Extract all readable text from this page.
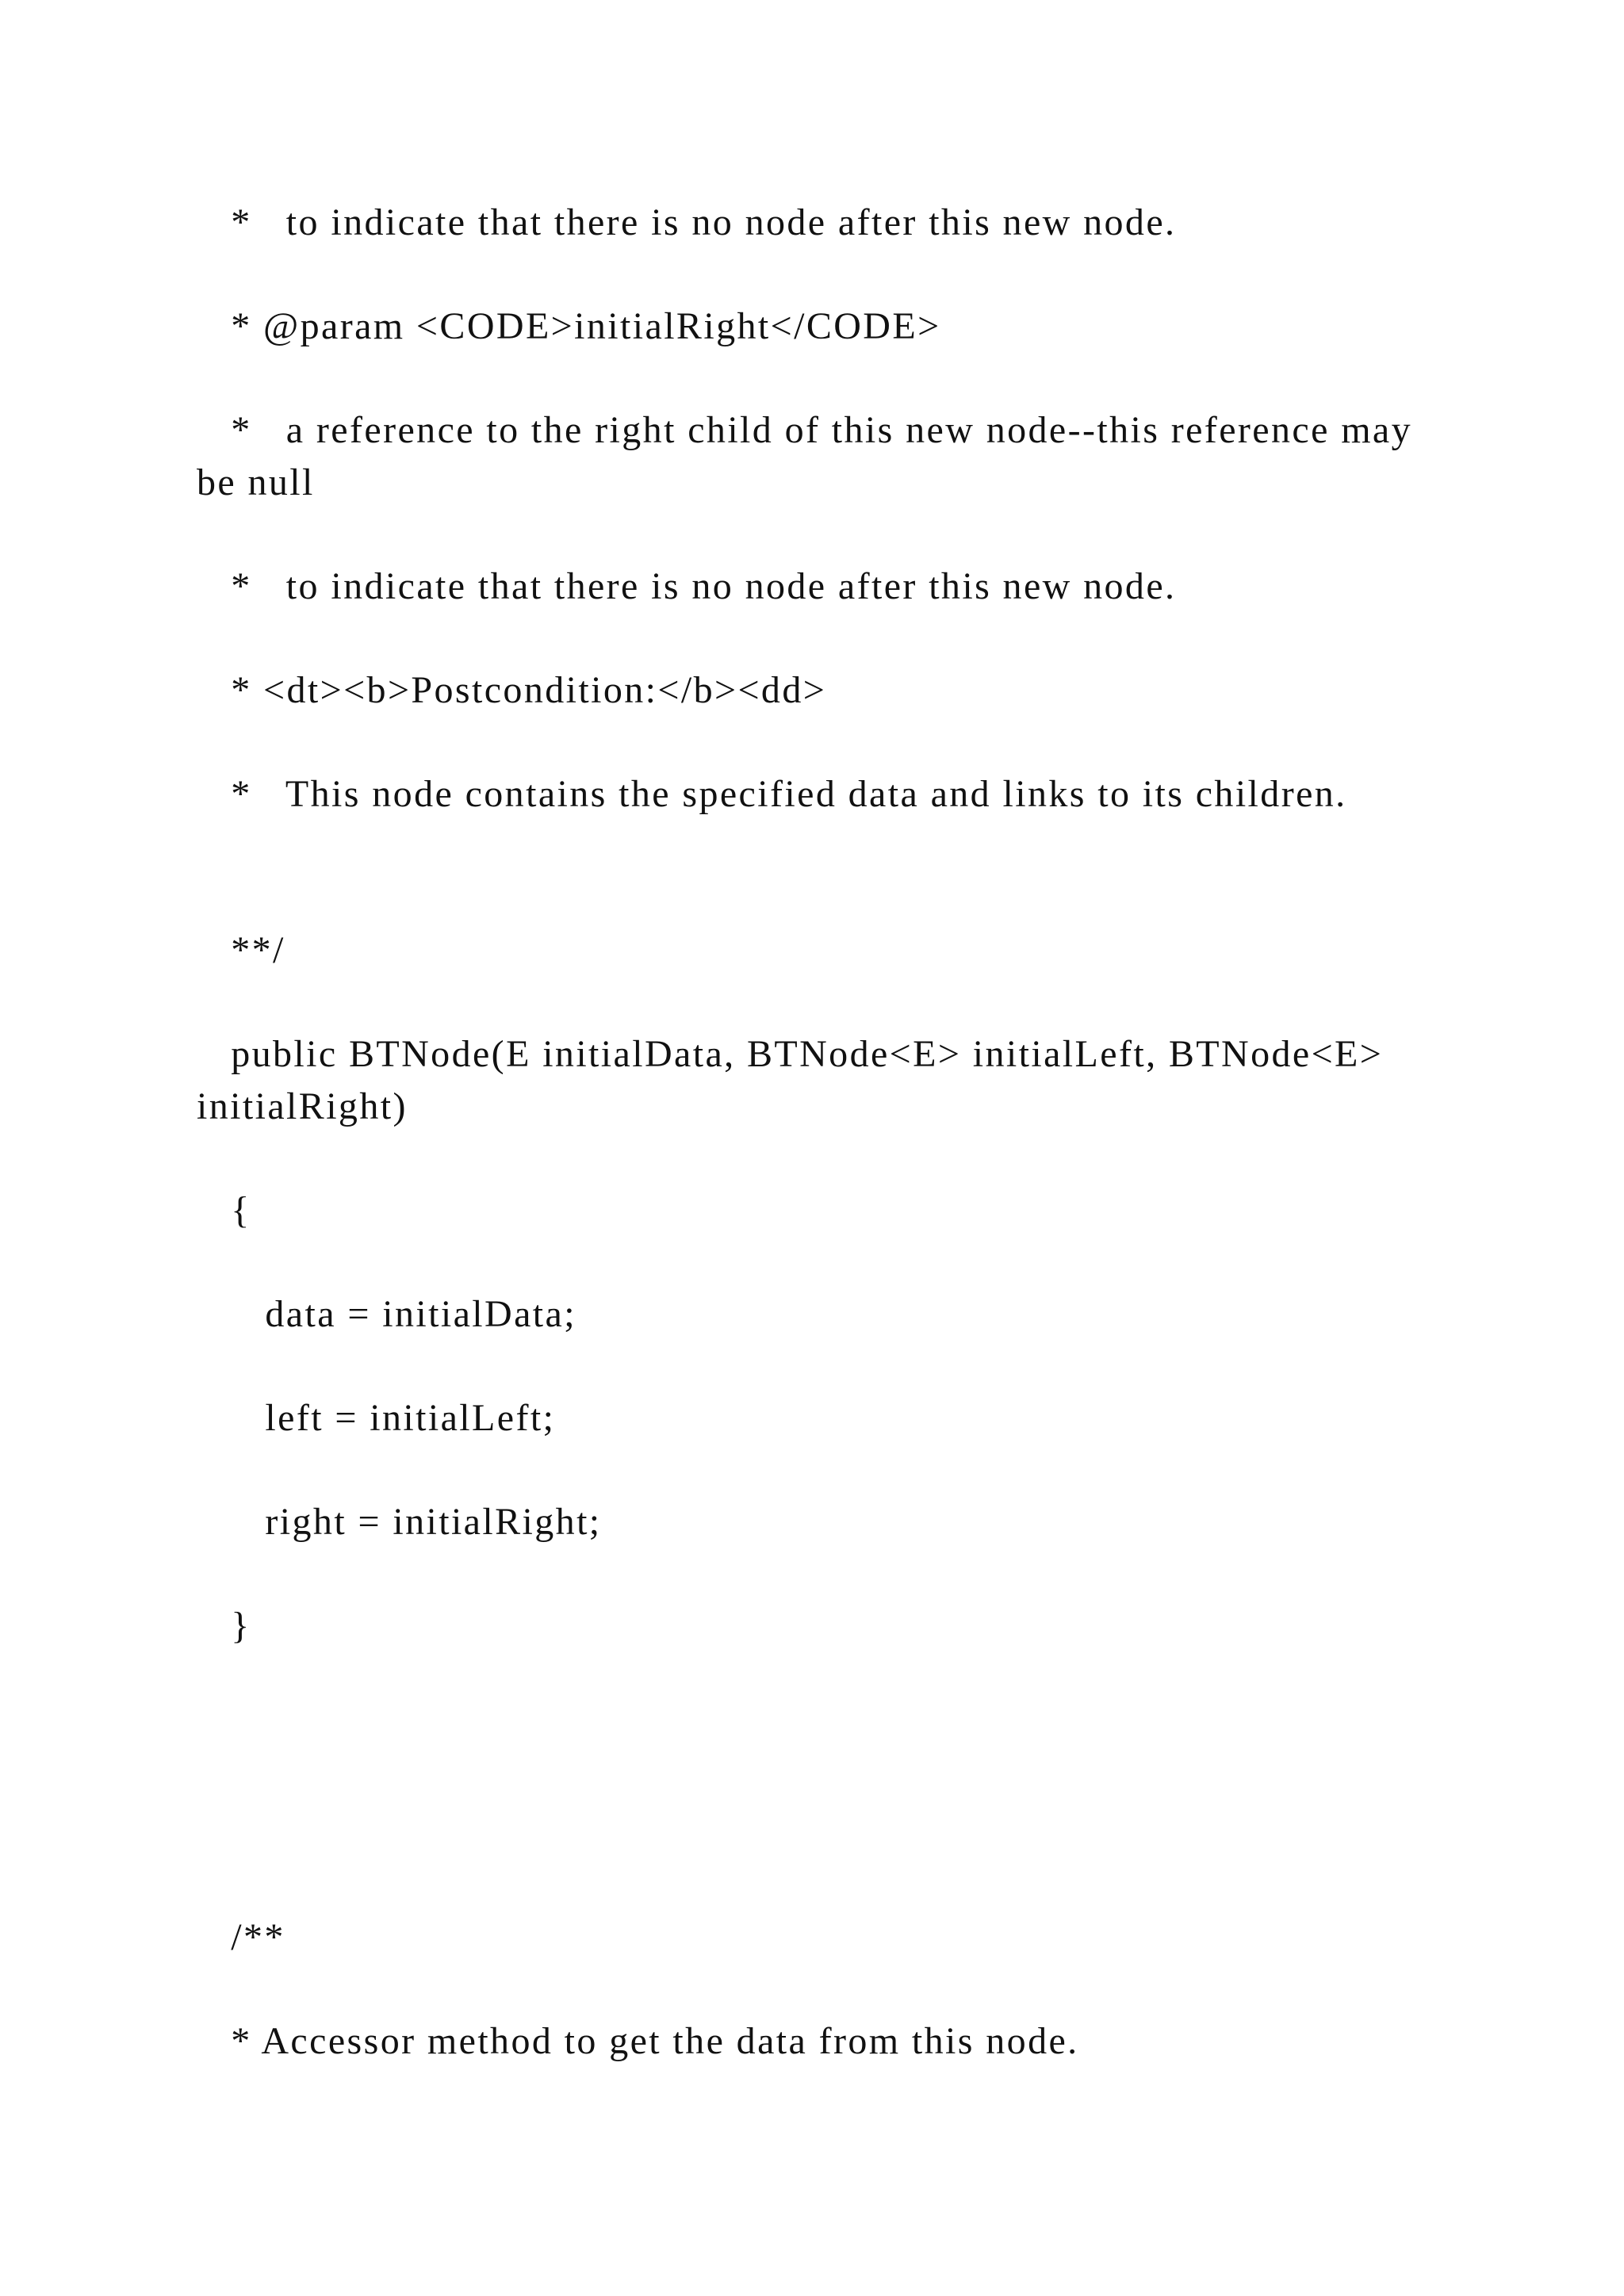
*   to indicate that there is no node after this new node.

* @param <CODE>initialRight</CODE>

*   a reference to the right child of this new node--this reference may be null

*   to indicate that there is no node after this new node.

* <dt><b>Postcondition:</b><dd>

*   This node contains the specified data and links to its children.

**/

public BTNode(E initialData, BTNode<E> initialLeft, BTNode<E> initialRight)

{

data = initialData;

left = initialLeft;

right = initialRight;

}

/**

* Accessor method to get the data from this node.
